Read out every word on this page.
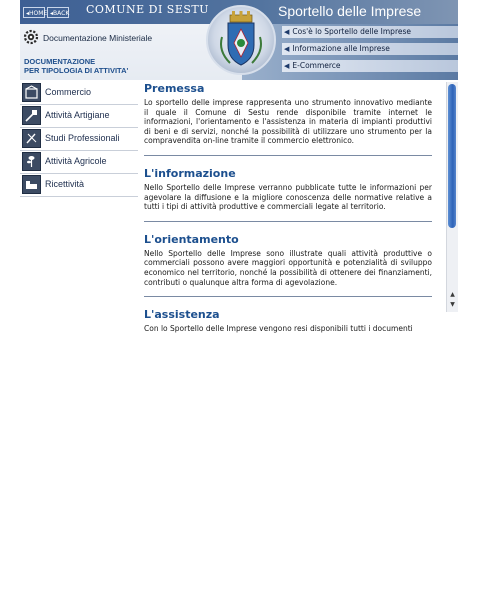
◂HOME ◂BACK COMUNE DI SESTU	Sportello delle Imprese
◀ Cos'è lo Sportello delle Imprese
◀ Informazione alle Imprese
◀ E-Commerce
Documentazione Ministeriale
DOCUMENTAZIONE
PER TIPOLOGIA DI ATTIVITA'
Commercio
Attività Artigiane
Studi Professionali
Attività Agricole
Ricettività
Premessa

Lo sportello delle imprese rappresenta uno strumento innovativo mediante il quale il Comune di Sestu rende disponibile tramite internet le informazioni, l'orientamento e l'assistenza in materia di impianti produttivi di beni e di servizi, nonché la possibilità di utilizzare uno strumento per la compravendita on-line tramite il commercio elettronico.

L'informazione

Nello Sportello delle Imprese verranno pubblicate tutte le informazioni per agevolare la diffusione e la migliore conoscenza delle normative relative a tutti i tipi di attività produttive e commerciali legate al territorio.

L'orientamento

Nello Sportello delle Imprese sono illustrate quali attività produttive o commerciali possono avere maggiori opportunità e potenzialità di sviluppo economico nel territorio, nonché la possibilità di ottenere dei finanziamenti, contributi o qualunque altra forma di agevolazione.

L'assistenza

Con lo Sportello delle Imprese vengono resi disponibili tutti i documenti

▲
▼
